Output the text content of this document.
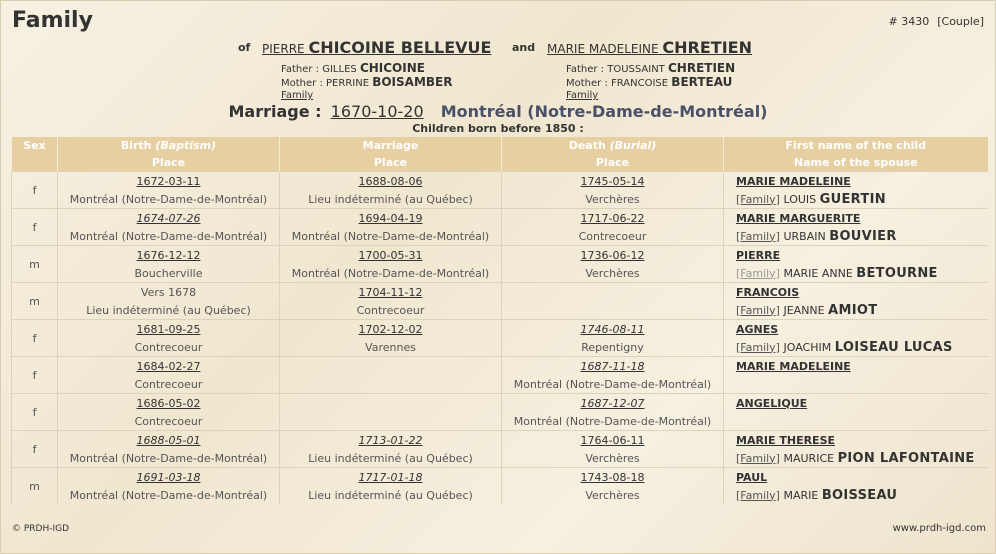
Family	# 3430 [Couple]
of PIERRE CHICOINE BELLEVUE and MARIE MADELEINE CHRETIEN
Father : GILLES CHICOINE
Mother : PERRINE BOISAMBER
Family
Father : TOUSSAINT CHRETIEN
Mother : FRANCOISE BERTEAU
Family
Marriage : 1670-10-20 Montréal (Notre-Dame-de-Montréal)
Children born before 1850 :
Sex	Birth (Baptism)	Marriage	Death (Burial)	First name of the child
	Place	Place	Place	Name of the spouse
f	1672-03-11	1688-08-06	1745-05-14	MARIE MADELEINE
	Montréal (Notre-Dame-de-Montréal)	Lieu indéterminé (au Québec)	Verchères	[Family] LOUIS GUERTIN
f	1674-07-26	1694-04-19	1717-06-22	MARIE MARGUERITE
	Montréal (Notre-Dame-de-Montréal)	Montréal (Notre-Dame-de-Montréal)	Contrecoeur	[Family] URBAIN BOUVIER
m	1676-12-12	1700-05-31	1736-06-12	PIERRE
	Boucherville	Montréal (Notre-Dame-de-Montréal)	Verchères	[Family] MARIE ANNE BETOURNE
m	Vers 1678	1704-11-12		FRANCOIS
	Lieu indéterminé (au Québec)	Contrecoeur		[Family] JEANNE AMIOT
f	1681-09-25	1702-12-02	1746-08-11	AGNES
	Contrecoeur	Varennes	Repentigny	[Family] JOACHIM LOISEAU LUCAS
f	1684-02-27		1687-11-18	MARIE MADELEINE
	Contrecoeur		Montréal (Notre-Dame-de-Montréal)	
f	1686-05-02		1687-12-07	ANGELIQUE
	Contrecoeur		Montréal (Notre-Dame-de-Montréal)	
f	1688-05-01	1713-01-22	1764-06-11	MARIE THERESE
	Montréal (Notre-Dame-de-Montréal)	Lieu indéterminé (au Québec)	Verchères	[Family] MAURICE PION LAFONTAINE
m	1691-03-18	1717-01-18	1743-08-18	PAUL
	Montréal (Notre-Dame-de-Montréal)	Lieu indéterminé (au Québec)	Verchères	[Family] MARIE BOISSEAU
© PRDH-IGD	www.prdh-igd.com
